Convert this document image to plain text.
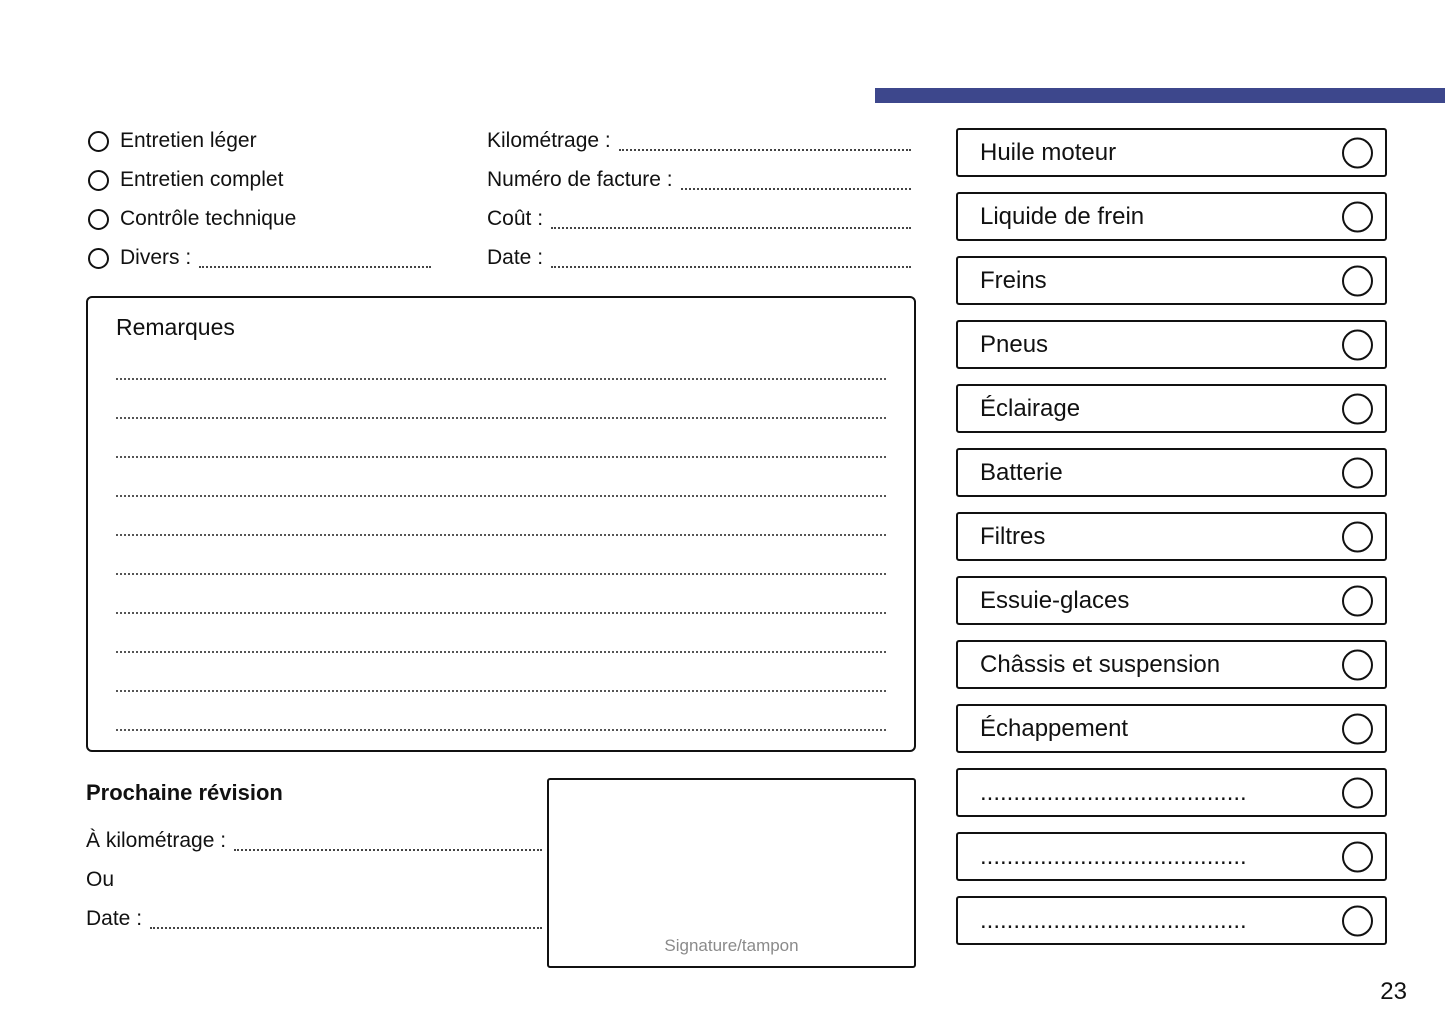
Entretien léger
Entretien complet
Contrôle technique
Divers :
Kilométrage :
Numéro de facture :
Coût :
Date :
Remarques
Prochaine révision
À kilométrage :
Ou
Date :
Signature/tampon
Huile moteur
Liquide de frein
Freins
Pneus
Éclairage
Batterie
Filtres
Essuie-glaces
Châssis et suspension
Échappement
........................................
........................................
........................................
23
